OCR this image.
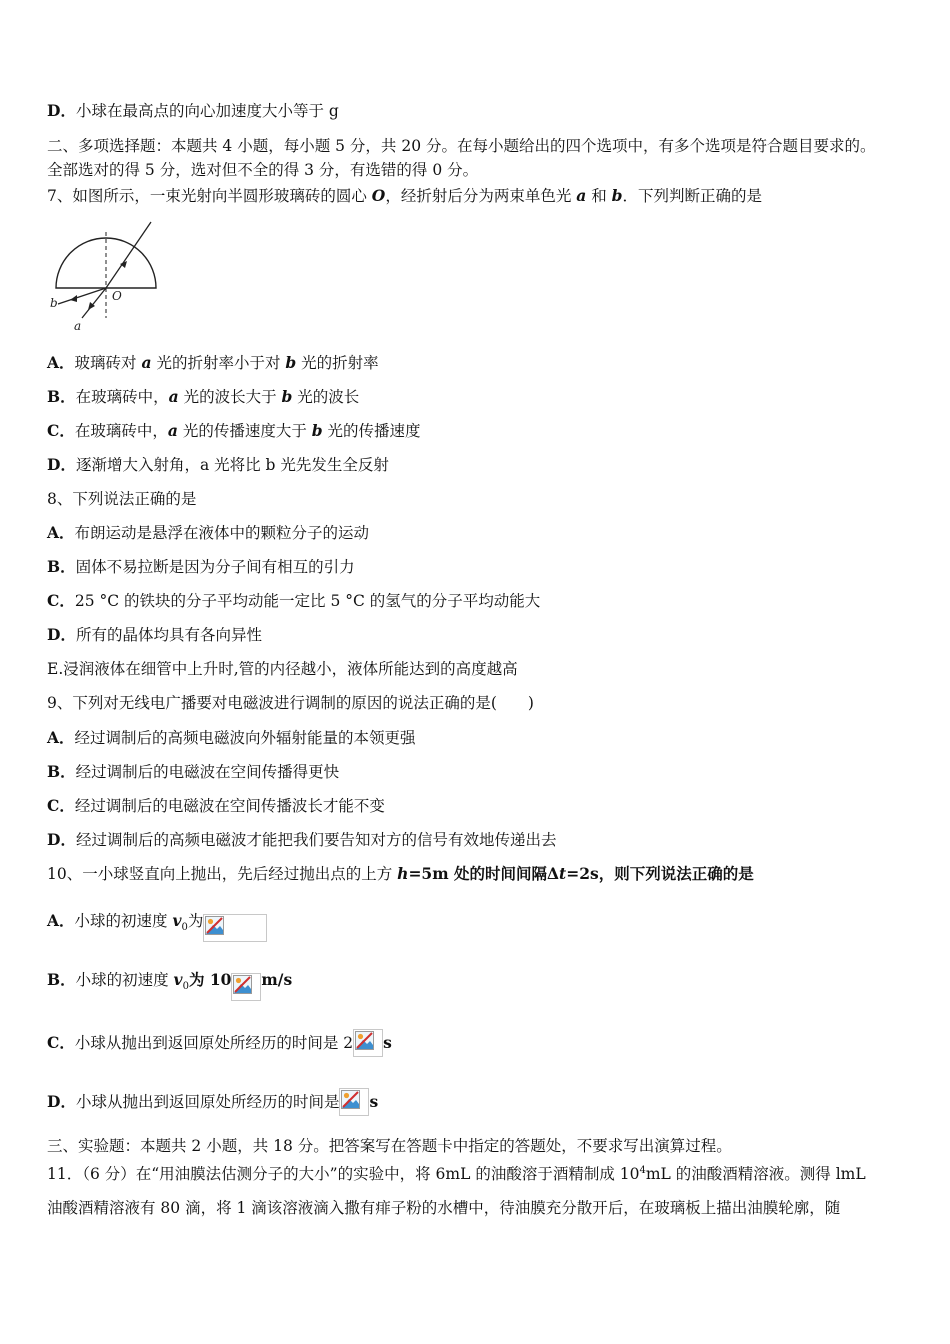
D．小球在最高点的向心加速度大小等于 g
二、多项选择题：本题共 4 小题，每小题 5 分，共 20 分。在每小题给出的四个选项中，有多个选项是符合题目要求的。
全部选对的得 5 分，选对但不全的得 3 分，有选错的得 0 分。
7、如图所示，一束光射向半圆形玻璃砖的圆心 O，经折射后分为两束单色光 a 和 b．下列判断正确的是
b
a
O
A．玻璃砖对 a 光的折射率小于对 b 光的折射率
B．在玻璃砖中，a 光的波长大于 b 光的波长
C．在玻璃砖中，a 光的传播速度大于 b 光的传播速度
D．逐渐增大入射角，a 光将比 b 光先发生全反射
8、下列说法正确的是
A．布朗运动是悬浮在液体中的颗粒分子的运动
B．固体不易拉断是因为分子间有相互的引力
C．25 °C 的铁块的分子平均动能一定比 5 °C 的氢气的分子平均动能大
D．所有的晶体均具有各向异性
E.浸润液体在细管中上升时,管的内径越小，液体所能达到的高度越高
9、下列对无线电广播要对电磁波进行调制的原因的说法正确的是(　　)
A．经过调制后的高频电磁波向外辐射能量的本领更强
B．经过调制后的电磁波在空间传播得更快
C．经过调制后的电磁波在空间传播波长才能不变
D．经过调制后的高频电磁波才能把我们要告知对方的信号有效地传递出去
10、一小球竖直向上抛出，先后经过抛出点的上方 h=5m 处的时间间隔Δt=2s，则下列说法正确的是
A．小球的初速度 $v_0$为
B．小球的初速度 $v_0$为 10 m/s
C．小球从抛出到返回原处所经历的时间是 2 s
D．小球从抛出到返回原处所经历的时间是 s
三、实验题：本题共 2 小题，共 18 分。把答案写在答题卡中指定的答题处，不要求写出演算过程。
11．（6 分）在“用油膜法估测分子的大小”的实验中，将 6mL 的油酸溶于酒精制成 $10^4mL$ 的油酸酒精溶液。测得 lmL
油酸酒精溶液有 80 滴，将 1 滴该溶液滴入撒有痱子粉的水槽中，待油膜充分散开后，在玻璃板上描出油膜轮廓，随
